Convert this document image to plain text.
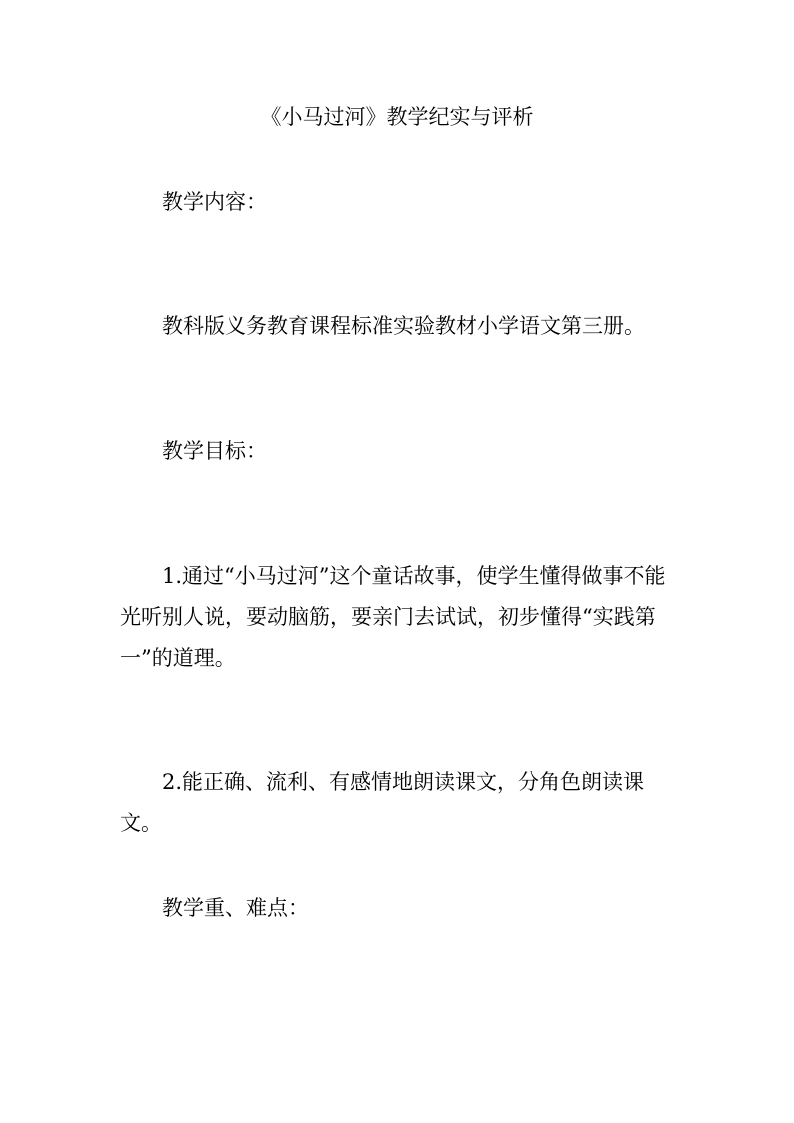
《小马过河》教学纪实与评析

教学内容：

教科版义务教育课程标准实验教材小学语文第三册。

教学目标：

1.通过“小马过河”这个童话故事，使学生懂得做事不能光听别人说，要动脑筋，要亲门去试试，初步懂得“实践第一”的道理。

2.能正确、流利、有感情地朗读课文，分角色朗读课文。

教学重、难点：
